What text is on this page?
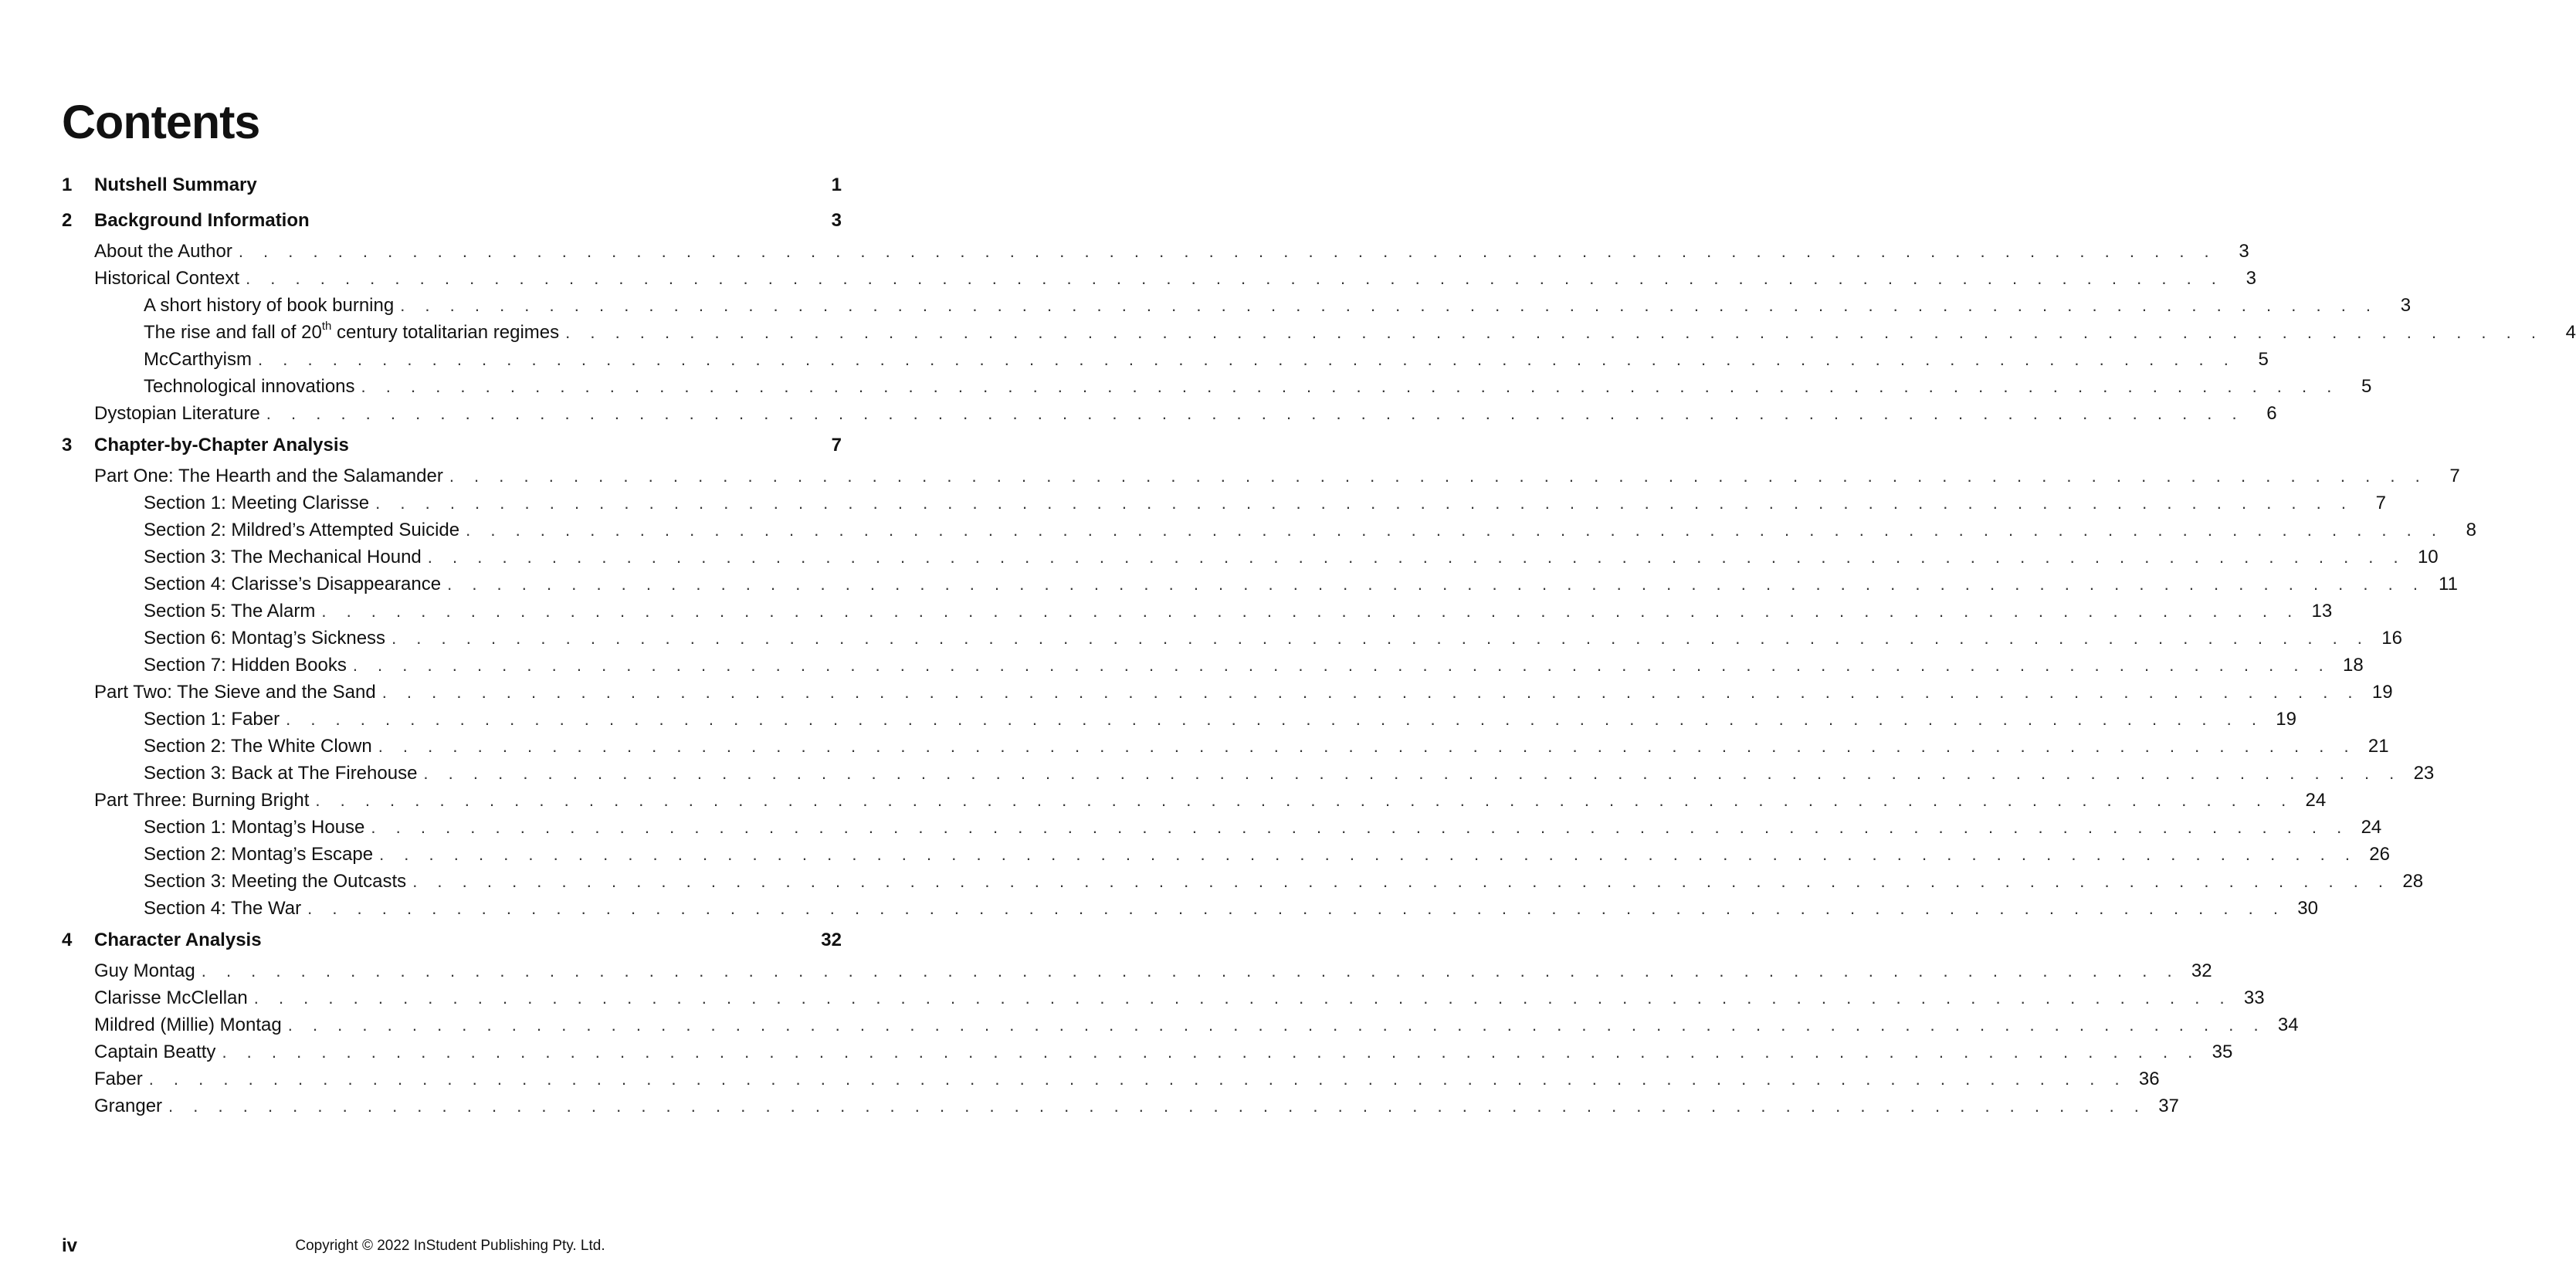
Contents
1	Nutshell Summary	1
2	Background Information	3
About the Author . . . . . . . . . . . . . . . . . . . . . . . . . . . . . . . . . . . . . . . . . . . . . . . . . . . . . . . . . . . . . . . . . . . . . . . . . . . . . . . .	3
Historical Context . . . . . . . . . . . . . . . . . . . . . . . . . . . . . . . . . . . . . . . . . . . . . . . . . . . . . . . . . . . . . . . . . . . . . . . . . . . . . . . .	3
A short history of book burning . . . . . . . . . . . . . . . . . . . . . . . . . . . . . . . . . . . . . . . . . . . . . . . . . . . . . . . . . . . . . . . . . . . . . . . . . . . . . . . .	3
The rise and fall of 20th century totalitarian regimes . . . . . . . . . . . . . . . . . . . . . . . . . . . . . . . . . . . . . . . . . . . . . . . . . . . . . . . . . . . . . . . . . . . . . . . . . . . . . . . .	4
McCarthyism . . . . . . . . . . . . . . . . . . . . . . . . . . . . . . . . . . . . . . . . . . . . . . . . . . . . . . . . . . . . . . . . . . . . . . . . . . . . . . . .	5
Technological innovations . . . . . . . . . . . . . . . . . . . . . . . . . . . . . . . . . . . . . . . . . . . . . . . . . . . . . . . . . . . . . . . . . . . . . . . . . . . . . . . .	5
Dystopian Literature . . . . . . . . . . . . . . . . . . . . . . . . . . . . . . . . . . . . . . . . . . . . . . . . . . . . . . . . . . . . . . . . . . . . . . . . . . . . . . . .	6
3	Chapter-by-Chapter Analysis	7
Part One: The Hearth and the Salamander . . . . . . . . . . . . . . . . . . . . . . . . . . . . . . . . . . . . . . . . . . . . . . . . . . . . . . . . . . . . . . . . . . . . . . . . . . . . . . . .	7
Section 1: Meeting Clarisse . . . . . . . . . . . . . . . . . . . . . . . . . . . . . . . . . . . . . . . . . . . . . . . . . . . . . . . . . . . . . . . . . . . . . . . . . . . . . . . .	7
Section 2: Mildred’s Attempted Suicide . . . . . . . . . . . . . . . . . . . . . . . . . . . . . . . . . . . . . . . . . . . . . . . . . . . . . . . . . . . . . . . . . . . . . . . . . . . . . . . .	8
Section 3: The Mechanical Hound . . . . . . . . . . . . . . . . . . . . . . . . . . . . . . . . . . . . . . . . . . . . . . . . . . . . . . . . . . . . . . . . . . . . . . . . . . . . . . . . 10
Section 4: Clarisse’s Disappearance . . . . . . . . . . . . . . . . . . . . . . . . . . . . . . . . . . . . . . . . . . . . . . . . . . . . . . . . . . . . . . . . . . . . . . . . . . . . . . . . 11
Section 5: The Alarm . . . . . . . . . . . . . . . . . . . . . . . . . . . . . . . . . . . . . . . . . . . . . . . . . . . . . . . . . . . . . . . . . . . . . . . . . . . . . . . . 13
Section 6: Montag’s Sickness . . . . . . . . . . . . . . . . . . . . . . . . . . . . . . . . . . . . . . . . . . . . . . . . . . . . . . . . . . . . . . . . . . . . . . . . . . . . . . . . 16
Section 7: Hidden Books . . . . . . . . . . . . . . . . . . . . . . . . . . . . . . . . . . . . . . . . . . . . . . . . . . . . . . . . . . . . . . . . . . . . . . . . . . . . . . . . 18
Part Two: The Sieve and the Sand . . . . . . . . . . . . . . . . . . . . . . . . . . . . . . . . . . . . . . . . . . . . . . . . . . . . . . . . . . . . . . . . . . . . . . . . . . . . . . . . 19
Section 1: Faber . . . . . . . . . . . . . . . . . . . . . . . . . . . . . . . . . . . . . . . . . . . . . . . . . . . . . . . . . . . . . . . . . . . . . . . . . . . . . . . . 19
Section 2: The White Clown . . . . . . . . . . . . . . . . . . . . . . . . . . . . . . . . . . . . . . . . . . . . . . . . . . . . . . . . . . . . . . . . . . . . . . . . . . . . . . . . 21
Section 3: Back at The Firehouse . . . . . . . . . . . . . . . . . . . . . . . . . . . . . . . . . . . . . . . . . . . . . . . . . . . . . . . . . . . . . . . . . . . . . . . . . . . . . . . . 23
Part Three: Burning Bright . . . . . . . . . . . . . . . . . . . . . . . . . . . . . . . . . . . . . . . . . . . . . . . . . . . . . . . . . . . . . . . . . . . . . . . . . . . . . . . . 24
Section 1: Montag’s House . . . . . . . . . . . . . . . . . . . . . . . . . . . . . . . . . . . . . . . . . . . . . . . . . . . . . . . . . . . . . . . . . . . . . . . . . . . . . . . . 24
Section 2: Montag’s Escape . . . . . . . . . . . . . . . . . . . . . . . . . . . . . . . . . . . . . . . . . . . . . . . . . . . . . . . . . . . . . . . . . . . . . . . . . . . . . . . . 26
Section 3: Meeting the Outcasts . . . . . . . . . . . . . . . . . . . . . . . . . . . . . . . . . . . . . . . . . . . . . . . . . . . . . . . . . . . . . . . . . . . . . . . . . . . . . . . . 28
Section 4: The War . . . . . . . . . . . . . . . . . . . . . . . . . . . . . . . . . . . . . . . . . . . . . . . . . . . . . . . . . . . . . . . . . . . . . . . . . . . . . . . . 30
4	Character Analysis	32
Guy Montag . . . . . . . . . . . . . . . . . . . . . . . . . . . . . . . . . . . . . . . . . . . . . . . . . . . . . . . . . . . . . . . . . . . . . . . . . . . . . . . . 32
Clarisse McClellan . . . . . . . . . . . . . . . . . . . . . . . . . . . . . . . . . . . . . . . . . . . . . . . . . . . . . . . . . . . . . . . . . . . . . . . . . . . . . . . . 33
Mildred (Millie) Montag . . . . . . . . . . . . . . . . . . . . . . . . . . . . . . . . . . . . . . . . . . . . . . . . . . . . . . . . . . . . . . . . . . . . . . . . . . . . . . . . 34
Captain Beatty . . . . . . . . . . . . . . . . . . . . . . . . . . . . . . . . . . . . . . . . . . . . . . . . . . . . . . . . . . . . . . . . . . . . . . . . . . . . . . . . 35
Faber . . . . . . . . . . . . . . . . . . . . . . . . . . . . . . . . . . . . . . . . . . . . . . . . . . . . . . . . . . . . . . . . . . . . . . . . . . . . . . . . 36
Granger . . . . . . . . . . . . . . . . . . . . . . . . . . . . . . . . . . . . . . . . . . . . . . . . . . . . . . . . . . . . . . . . . . . . . . . . . . . . . . . . 37

iv	Copyright © 2022 InStudent Publishing Pty. Ltd.
